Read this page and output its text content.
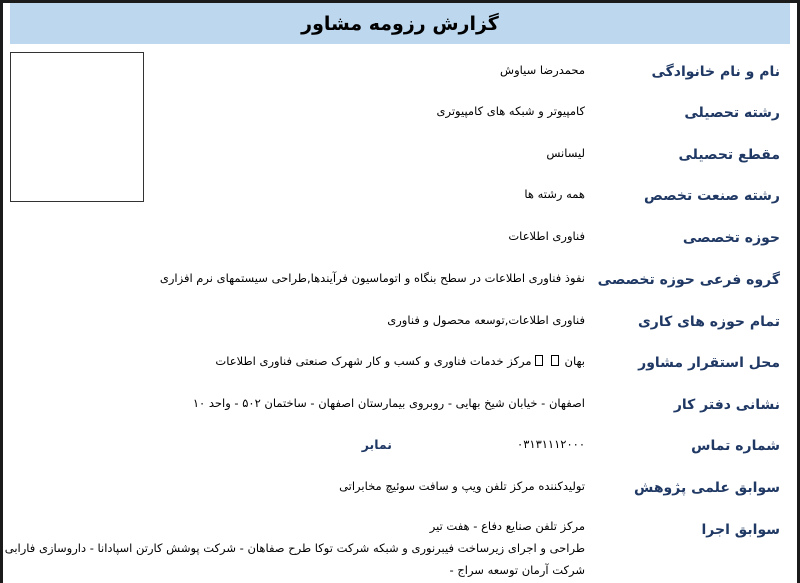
گزارش رزومه مشاور
نام و نام خانوادگی
محمدرضا سیاوش
رشته تحصیلی
کامپیوتر و شبکه های کامپیوتری
مقطع تحصیلی
لیسانس
رشته صنعت تخصص
همه رشته ها
حوزه تخصصی
فناوری اطلاعات
گروه فرعی حوزه تخصصی
نفوذ فناوری اطلاعات در سطح بنگاه و اتوماسیون فرآیندها,طراحی سیستمهای نرم افزاری
تمام حوزه های کاری
فناوری اطلاعات,توسعه محصول و فناوری
محل استقرار مشاور
بهانمرکز خدمات فناوری و کسب و کار شهرک صنعتی فناوری اطلاعات
نشانی دفتر کار
اصفهان - خیابان شیخ بهایی - روبروی بیمارستان اصفهان - ساختمان ۵۰۲ - واحد ۱۰
شماره تماس
۰۳۱۳۱۱۱۲۰۰۰
نمابر
سوابق علمی پژوهش
تولیدکننده مرکز تلفن ویپ و سافت سوئیچ مخابراتی
سوابق اجرا
مرکز تلفن صنایع دفاع - هفت تیر
طراحی و اجرای زیرساخت فیبرنوری و شبکه شرکت توکا طرح صفاهان - شرکت پوشش کارتن اسپادانا - داروسازی فارابی
شرکت آرمان توسعه سراج -
